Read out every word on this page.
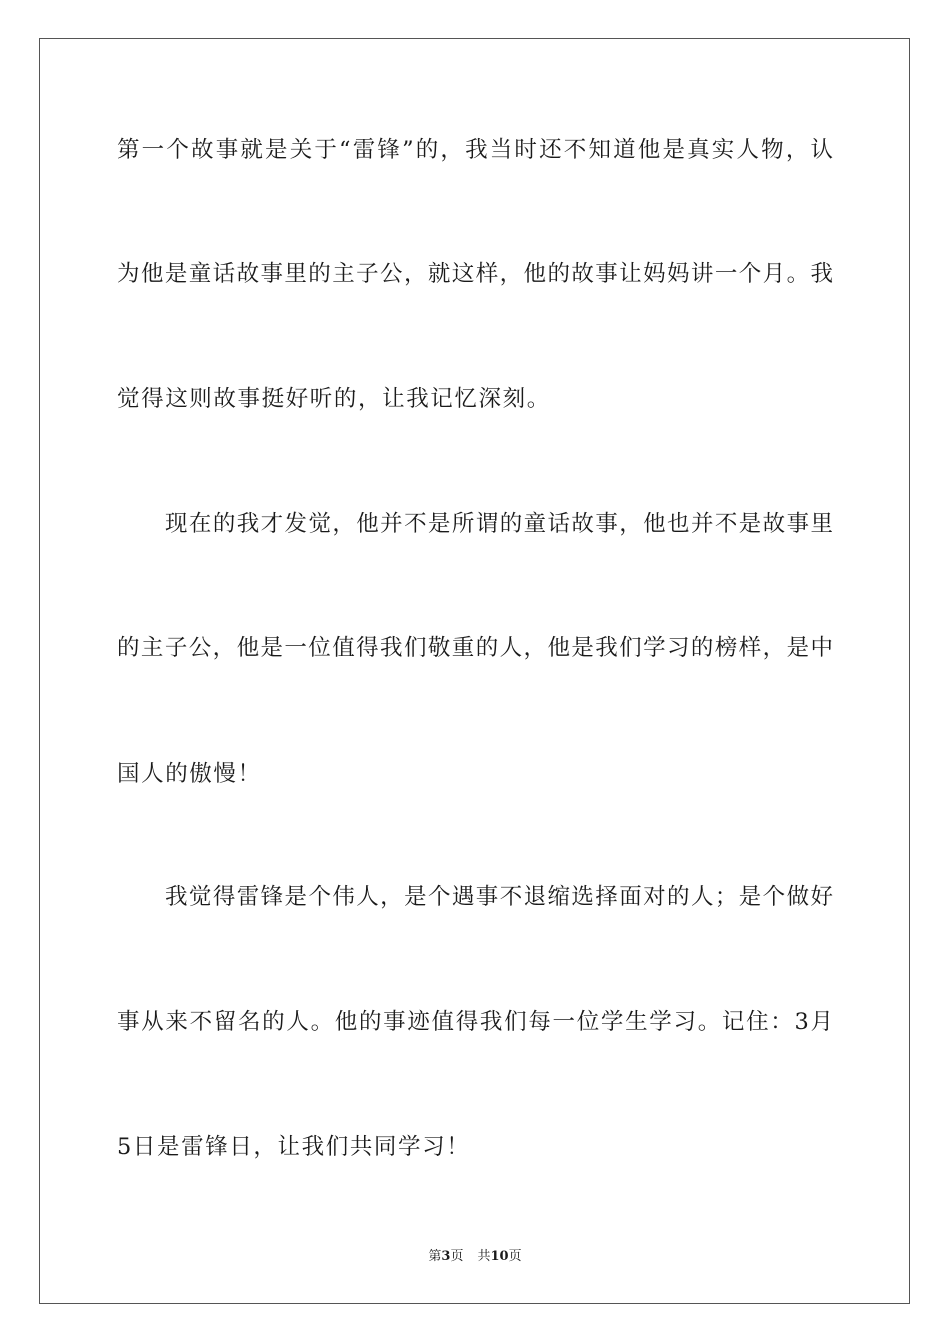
第一个故事就是关于“雷锋”的，我当时还不知道他是真实人物，认
为他是童话故事里的主子公，就这样，他的故事让妈妈讲一个月。我
觉得这则故事挺好听的，让我记忆深刻。
现在的我才发觉，他并不是所谓的童话故事，他也并不是故事里
的主子公，他是一位值得我们敬重的人，他是我们学习的榜样，是中
国人的傲慢！
我觉得雷锋是个伟人，是个遇事不退缩选择面对的人；是个做好
事从来不留名的人。他的事迹值得我们每一位学生学习。记住：3月
5日是雷锋日，让我们共同学习！
第3页 共10页
